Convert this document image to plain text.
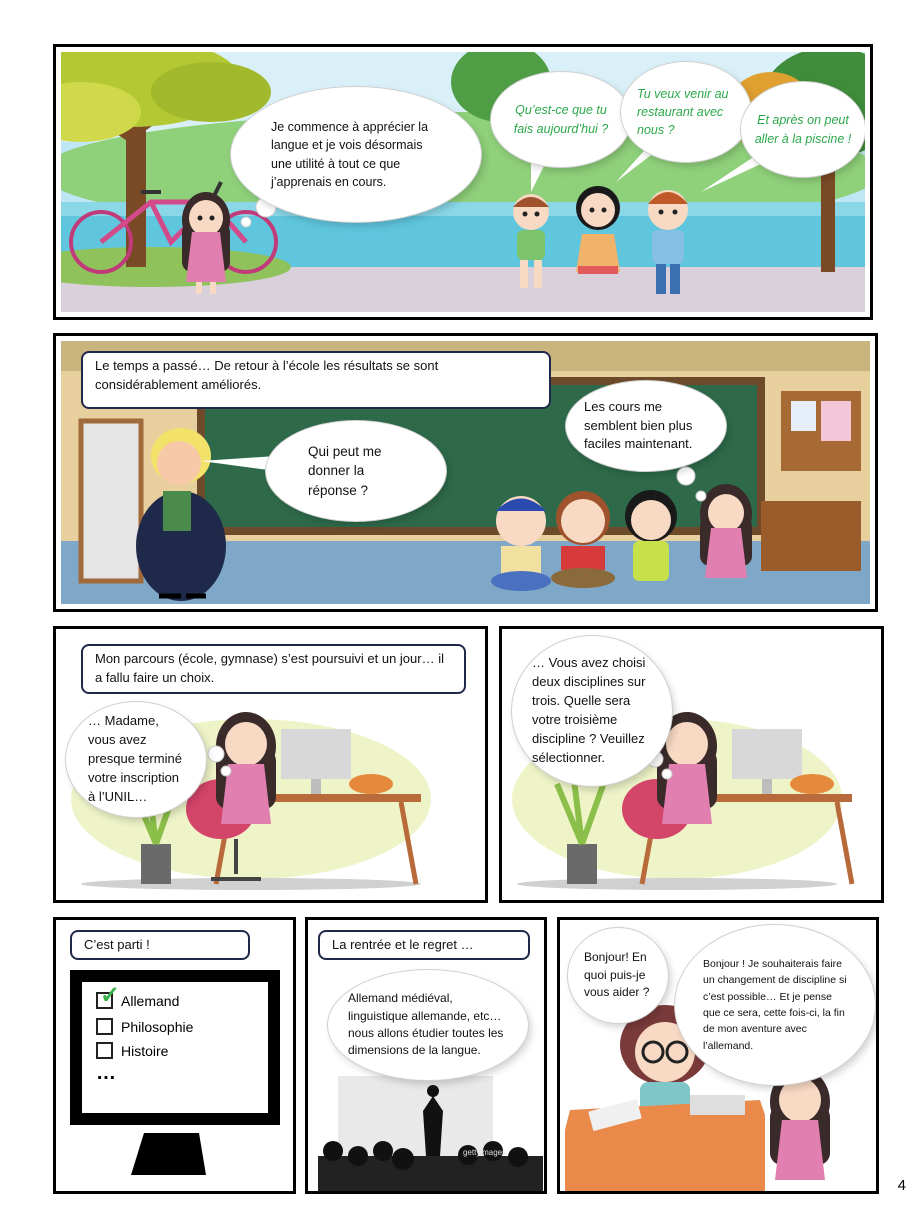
Je commence à apprécier la langue et je vois désormais une utilité à tout ce que j’apprenais en cours.
Qu’est-ce que tu fais aujourd’hui ?
Tu veux venir au restaurant avec nous ?
Et après on peut aller à la piscine !
Le temps a passé… De retour à l’école les résultats se sont considérablement améliorés.
Qui peut me donner la réponse ?
Les cours me semblent bien plus faciles maintenant.
Mon parcours (école, gymnase) s’est poursuivi et un jour… il a fallu faire un choix.
… Madame, vous avez presque terminé votre inscription à l’UNIL…
… Vous avez choisi deux disciplines sur trois. Quelle sera votre troisième discipline ? Veuillez sélectionner.
C’est parti !
✓ Allemand
Philosophie
Histoire
…
La rentrée et le regret …
gettyimages
Allemand médiéval, linguistique allemande, etc… nous allons étudier toutes les dimensions de la langue.
Bonjour! En quoi puis-je vous aider ?
Bonjour ! Je souhaiterais faire un changement de discipline si c’est possible… Et je pense que ce sera, cette fois-ci, la fin de mon aventure avec l’allemand.
4
